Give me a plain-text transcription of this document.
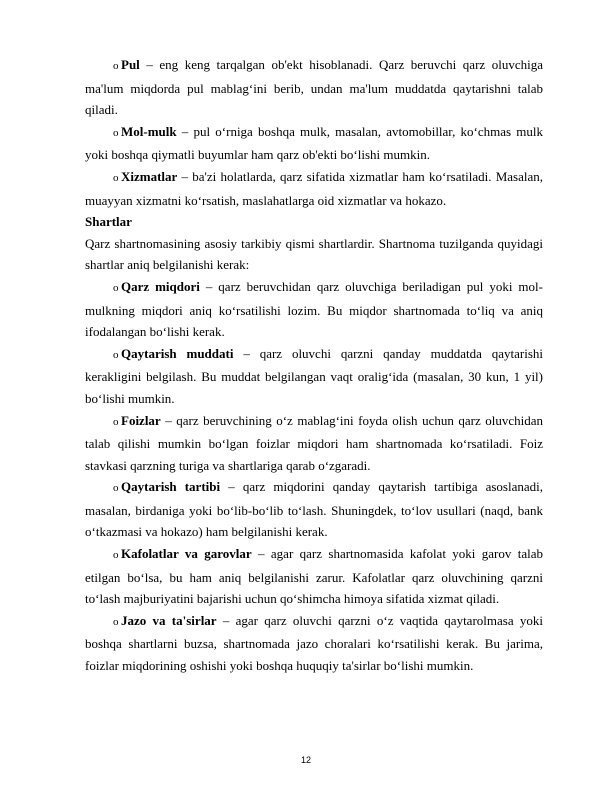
o Pul – eng keng tarqalgan ob'ekt hisoblanadi. Qarz beruvchi qarz oluvchiga ma'lum miqdorda pul mablag‘ini berib, undan ma'lum muddatda qaytarishni talab qiladi.

o Mol-mulk – pul o‘rniga boshqa mulk, masalan, avtomobillar, ko‘chmas mulk yoki boshqa qiymatli buyumlar ham qarz ob'ekti bo‘lishi mumkin.

o Xizmatlar – ba'zi holatlarda, qarz sifatida xizmatlar ham ko‘rsatiladi. Masalan, muayyan xizmatni ko‘rsatish, maslahatlarga oid xizmatlar va hokazo.

Shartlar

Qarz shartnomasining asosiy tarkibiy qismi shartlardir. Shartnoma tuzilganda quyidagi shartlar aniq belgilanishi kerak:

o Qarz miqdori – qarz beruvchidan qarz oluvchiga beriladigan pul yoki mol-mulkning miqdori aniq ko‘rsatilishi lozim. Bu miqdor shartnomada to‘liq va aniq ifodalangan bo‘lishi kerak.

o Qaytarish muddati – qarz oluvchi qarzni qanday muddatda qaytarishi kerakligini belgilash. Bu muddat belgilangan vaqt oralig‘ida (masalan, 30 kun, 1 yil) bo‘lishi mumkin.

o Foizlar – qarz beruvchining o‘z mablag‘ini foyda olish uchun qarz oluvchidan talab qilishi mumkin bo‘lgan foizlar miqdori ham shartnomada ko‘rsatiladi. Foiz stavkasi qarzning turiga va shartlariga qarab o‘zgaradi.

o Qaytarish tartibi – qarz miqdorini qanday qaytarish tartibiga asoslanadi, masalan, birdaniga yoki bo‘lib-bo‘lib to‘lash. Shuningdek, to‘lov usullari (naqd, bank o‘tkazmasi va hokazo) ham belgilanishi kerak.

o Kafolatlar va garovlar – agar qarz shartnomasida kafolat yoki garov talab etilgan bo‘lsa, bu ham aniq belgilanishi zarur. Kafolatlar qarz oluvchining qarzni to‘lash majburiyatini bajarishi uchun qo‘shimcha himoya sifatida xizmat qiladi.

o Jazo va ta'sirlar – agar qarz oluvchi qarzni o‘z vaqtida qaytarolmasa yoki boshqa shartlarni buzsa, shartnomada jazo choralari ko‘rsatilishi kerak. Bu jarima, foizlar miqdorining oshishi yoki boshqa huquqiy ta'sirlar bo‘lishi mumkin.

12
